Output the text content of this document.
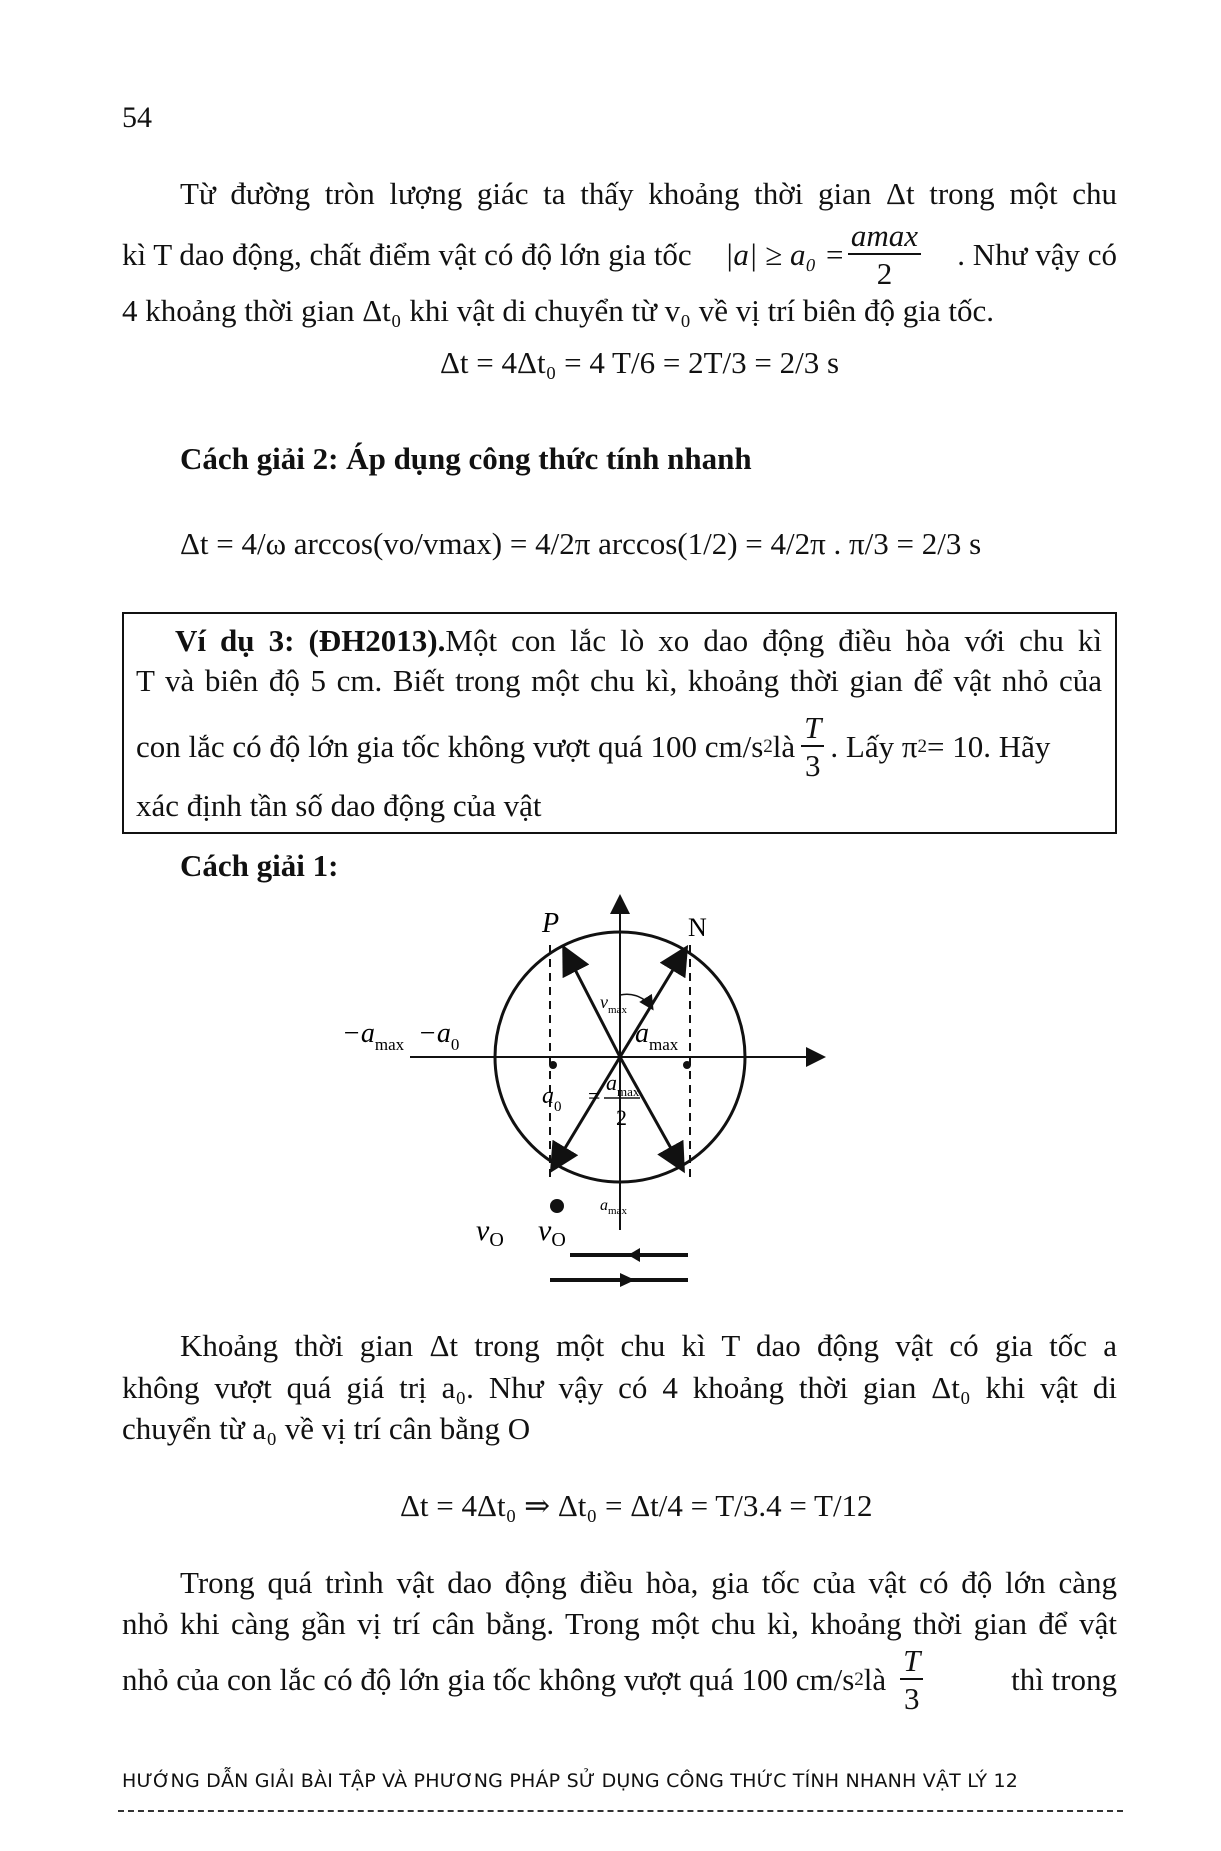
54
Từ đường tròn lượng giác ta thấy khoảng thời gian Δt trong một chu
kì T dao động, chất điểm vật có độ lớn gia tốc $|a| \ge a_0 = \frac{amax}{2}$ . Như vậy có
4 khoảng thời gian Δt₀ khi vật di chuyển từ v₀ về vị trí biên độ gia tốc.
Δt = 4Δt₀ = 4 T/6 = 2T/3 = 2/3 s
Cách giải 2: Áp dụng công thức tính nhanh
Δt = 4/ω arccos(vo/vmax) = 4/2π arccos(1/2) = 4/2π . π/3 = 2/3 s
Ví dụ 3: (ĐH2013).Một con lắc lò xo dao động điều hòa với chu kì
T và biên độ 5 cm. Biết trong một chu kì, khoảng thời gian để vật nhỏ của
con lắc có độ lớn gia tốc không vượt quá 100 cm/s 2 là $\frac{T}{3}$ . Lấy π 2 = 10. Hãy
xác định tần số dao động của vật
Cách giải 1:
P	N
$-a_{max} -a_0$	$a_{max}$
$a_0$ =
$a_{max}$
2
$v_{max}$
$a_{max}$
$v_O$ $v_O$
Khoảng thời gian Δt trong một chu kì T dao động vật có gia tốc a
không vượt quá giá trị a₀. Như vậy có 4 khoảng thời gian Δt₀ khi vật di
chuyển từ a₀ về vị trí cân bằng O
Δt = 4Δt₀ ⇒ Δt₀ = Δt/4 = T/3.4 = T/12
Trong quá trình vật dao động điều hòa, gia tốc của vật có độ lớn càng
nhỏ khi càng gần vị trí cân bằng. Trong một chu kì, khoảng thời gian để vật
nhỏ của con lắc có độ lớn gia tốc không vượt quá 100 cm/s 2 là $\frac{T}{3}$	thì trong
HƯỚNG DẪN GIẢI BÀI TẬP VÀ PHƯƠNG PHÁP SỬ DỤNG CÔNG THỨC TÍNH NHANH VẬT LÝ 12
